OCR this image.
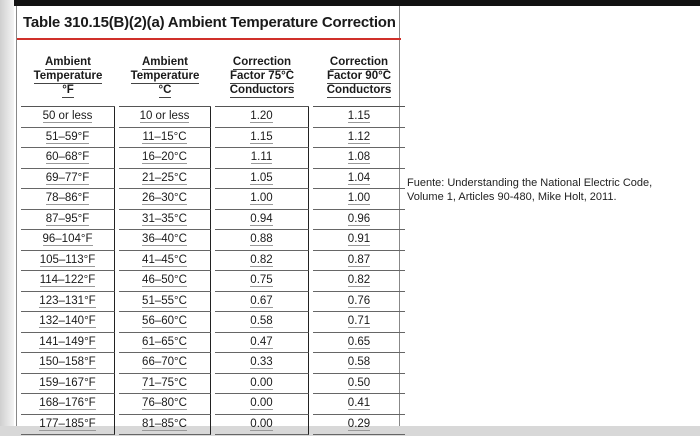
Table 310.15(B)(2)(a) Ambient Temperature Correction
Ambient
Temperature
°F
50 or less
51–59°F
60–68°F
69–77°F
78–86°F
87–95°F
96–104°F
105–113°F
114–122°F
123–131°F
132–140°F
141–149°F
150–158°F
159–167°F
168–176°F
177–185°F
Ambient
Temperature
°C
10 or less
11–15°C
16–20°C
21–25°C
26–30°C
31–35°C
36–40°C
41–45°C
46–50°C
51–55°C
56–60°C
61–65°C
66–70°C
71–75°C
76–80°C
81–85°C
Correction
Factor 75°C
Conductors
1.20
1.15
1.11
1.05
1.00
0.94
0.88
0.82
0.75
0.67
0.58
0.47
0.33
0.00
0.00
0.00
Correction
Factor 90°C
Conductors
1.15
1.12
1.08
1.04
1.00
0.96
0.91
0.87
0.82
0.76
0.71
0.65
0.58
0.50
0.41
0.29
Fuente: Understanding the National Electric Code,
Volume 1, Articles 90-480, Mike Holt, 2011.
